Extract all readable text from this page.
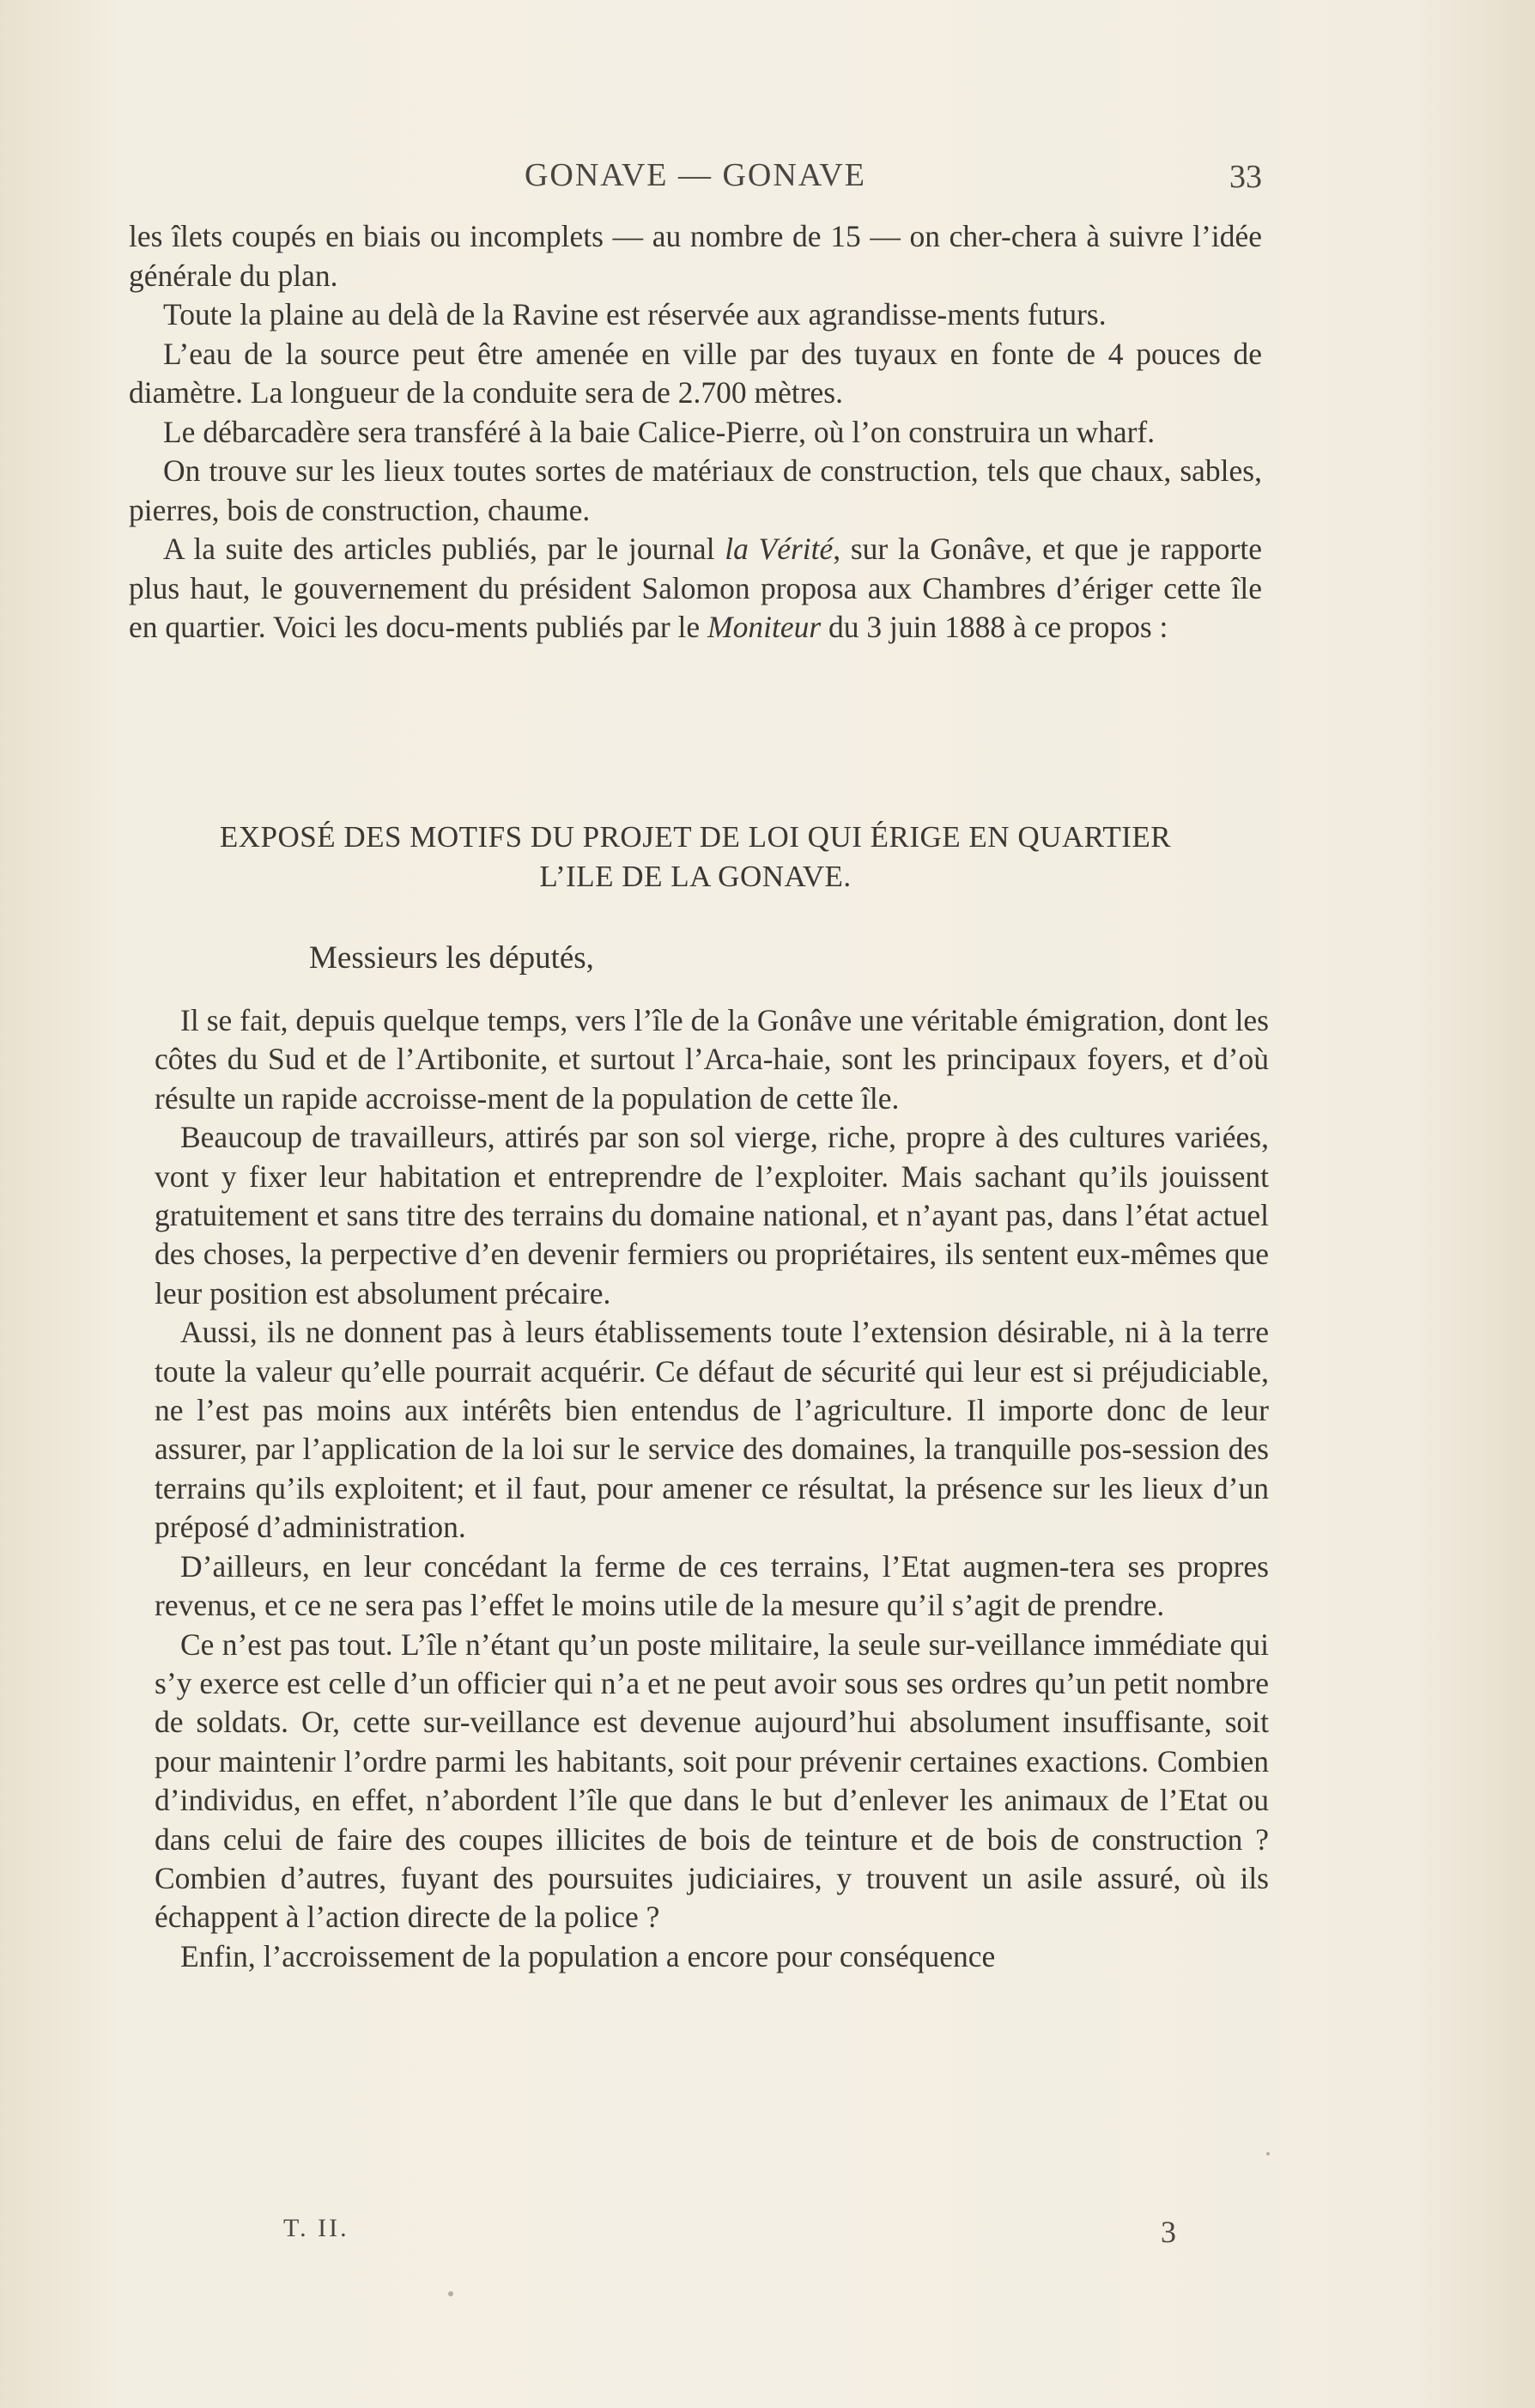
GONAVE — GONAVE	33

les îlets coupés en biais ou incomplets — au nombre de 15 — on cher-chera à suivre l’idée générale du plan.

Toute la plaine au delà de la Ravine est réservée aux agrandisse-ments futurs.

L’eau de la source peut être amenée en ville par des tuyaux en fonte de 4 pouces de diamètre. La longueur de la conduite sera de 2.700 mètres.

Le débarcadère sera transféré à la baie Calice-Pierre, où l’on construira un wharf.

On trouve sur les lieux toutes sortes de matériaux de construction, tels que chaux, sables, pierres, bois de construction, chaume.

A la suite des articles publiés, par le journal la Vérité, sur la Gonâve, et que je rapporte plus haut, le gouvernement du président Salomon proposa aux Chambres d’ériger cette île en quartier. Voici les docu-ments publiés par le Moniteur du 3 juin 1888 à ce propos :

EXPOSÉ DES MOTIFS DU PROJET DE LOI QUI ÉRIGE EN QUARTIER
L’ILE DE LA GONAVE.
Messieurs les députés,

Il se fait, depuis quelque temps, vers l’île de la Gonâve une véritable émigration, dont les côtes du Sud et de l’Artibonite, et surtout l’Arca-haie, sont les principaux foyers, et d’où résulte un rapide accroisse-ment de la population de cette île.

Beaucoup de travailleurs, attirés par son sol vierge, riche, propre à des cultures variées, vont y fixer leur habitation et entreprendre de l’exploiter. Mais sachant qu’ils jouissent gratuitement et sans titre des terrains du domaine national, et n’ayant pas, dans l’état actuel des choses, la perpective d’en devenir fermiers ou propriétaires, ils sentent eux-mêmes que leur position est absolument précaire.

Aussi, ils ne donnent pas à leurs établissements toute l’extension désirable, ni à la terre toute la valeur qu’elle pourrait acquérir. Ce défaut de sécurité qui leur est si préjudiciable, ne l’est pas moins aux intérêts bien entendus de l’agriculture. Il importe donc de leur assurer, par l’application de la loi sur le service des domaines, la tranquille pos-session des terrains qu’ils exploitent; et il faut, pour amener ce résultat, la présence sur les lieux d’un préposé d’administration.

D’ailleurs, en leur concédant la ferme de ces terrains, l’Etat augmen-tera ses propres revenus, et ce ne sera pas l’effet le moins utile de la mesure qu’il s’agit de prendre.

Ce n’est pas tout. L’île n’étant qu’un poste militaire, la seule sur-veillance immédiate qui s’y exerce est celle d’un officier qui n’a et ne peut avoir sous ses ordres qu’un petit nombre de soldats. Or, cette sur-veillance est devenue aujourd’hui absolument insuffisante, soit pour maintenir l’ordre parmi les habitants, soit pour prévenir certaines exactions. Combien d’individus, en effet, n’abordent l’île que dans le but d’enlever les animaux de l’Etat ou dans celui de faire des coupes illicites de bois de teinture et de bois de construction ? Combien d’autres, fuyant des poursuites judiciaires, y trouvent un asile assuré, où ils échappent à l’action directe de la police ?

Enfin, l’accroissement de la population a encore pour conséquence

T. II.	3
